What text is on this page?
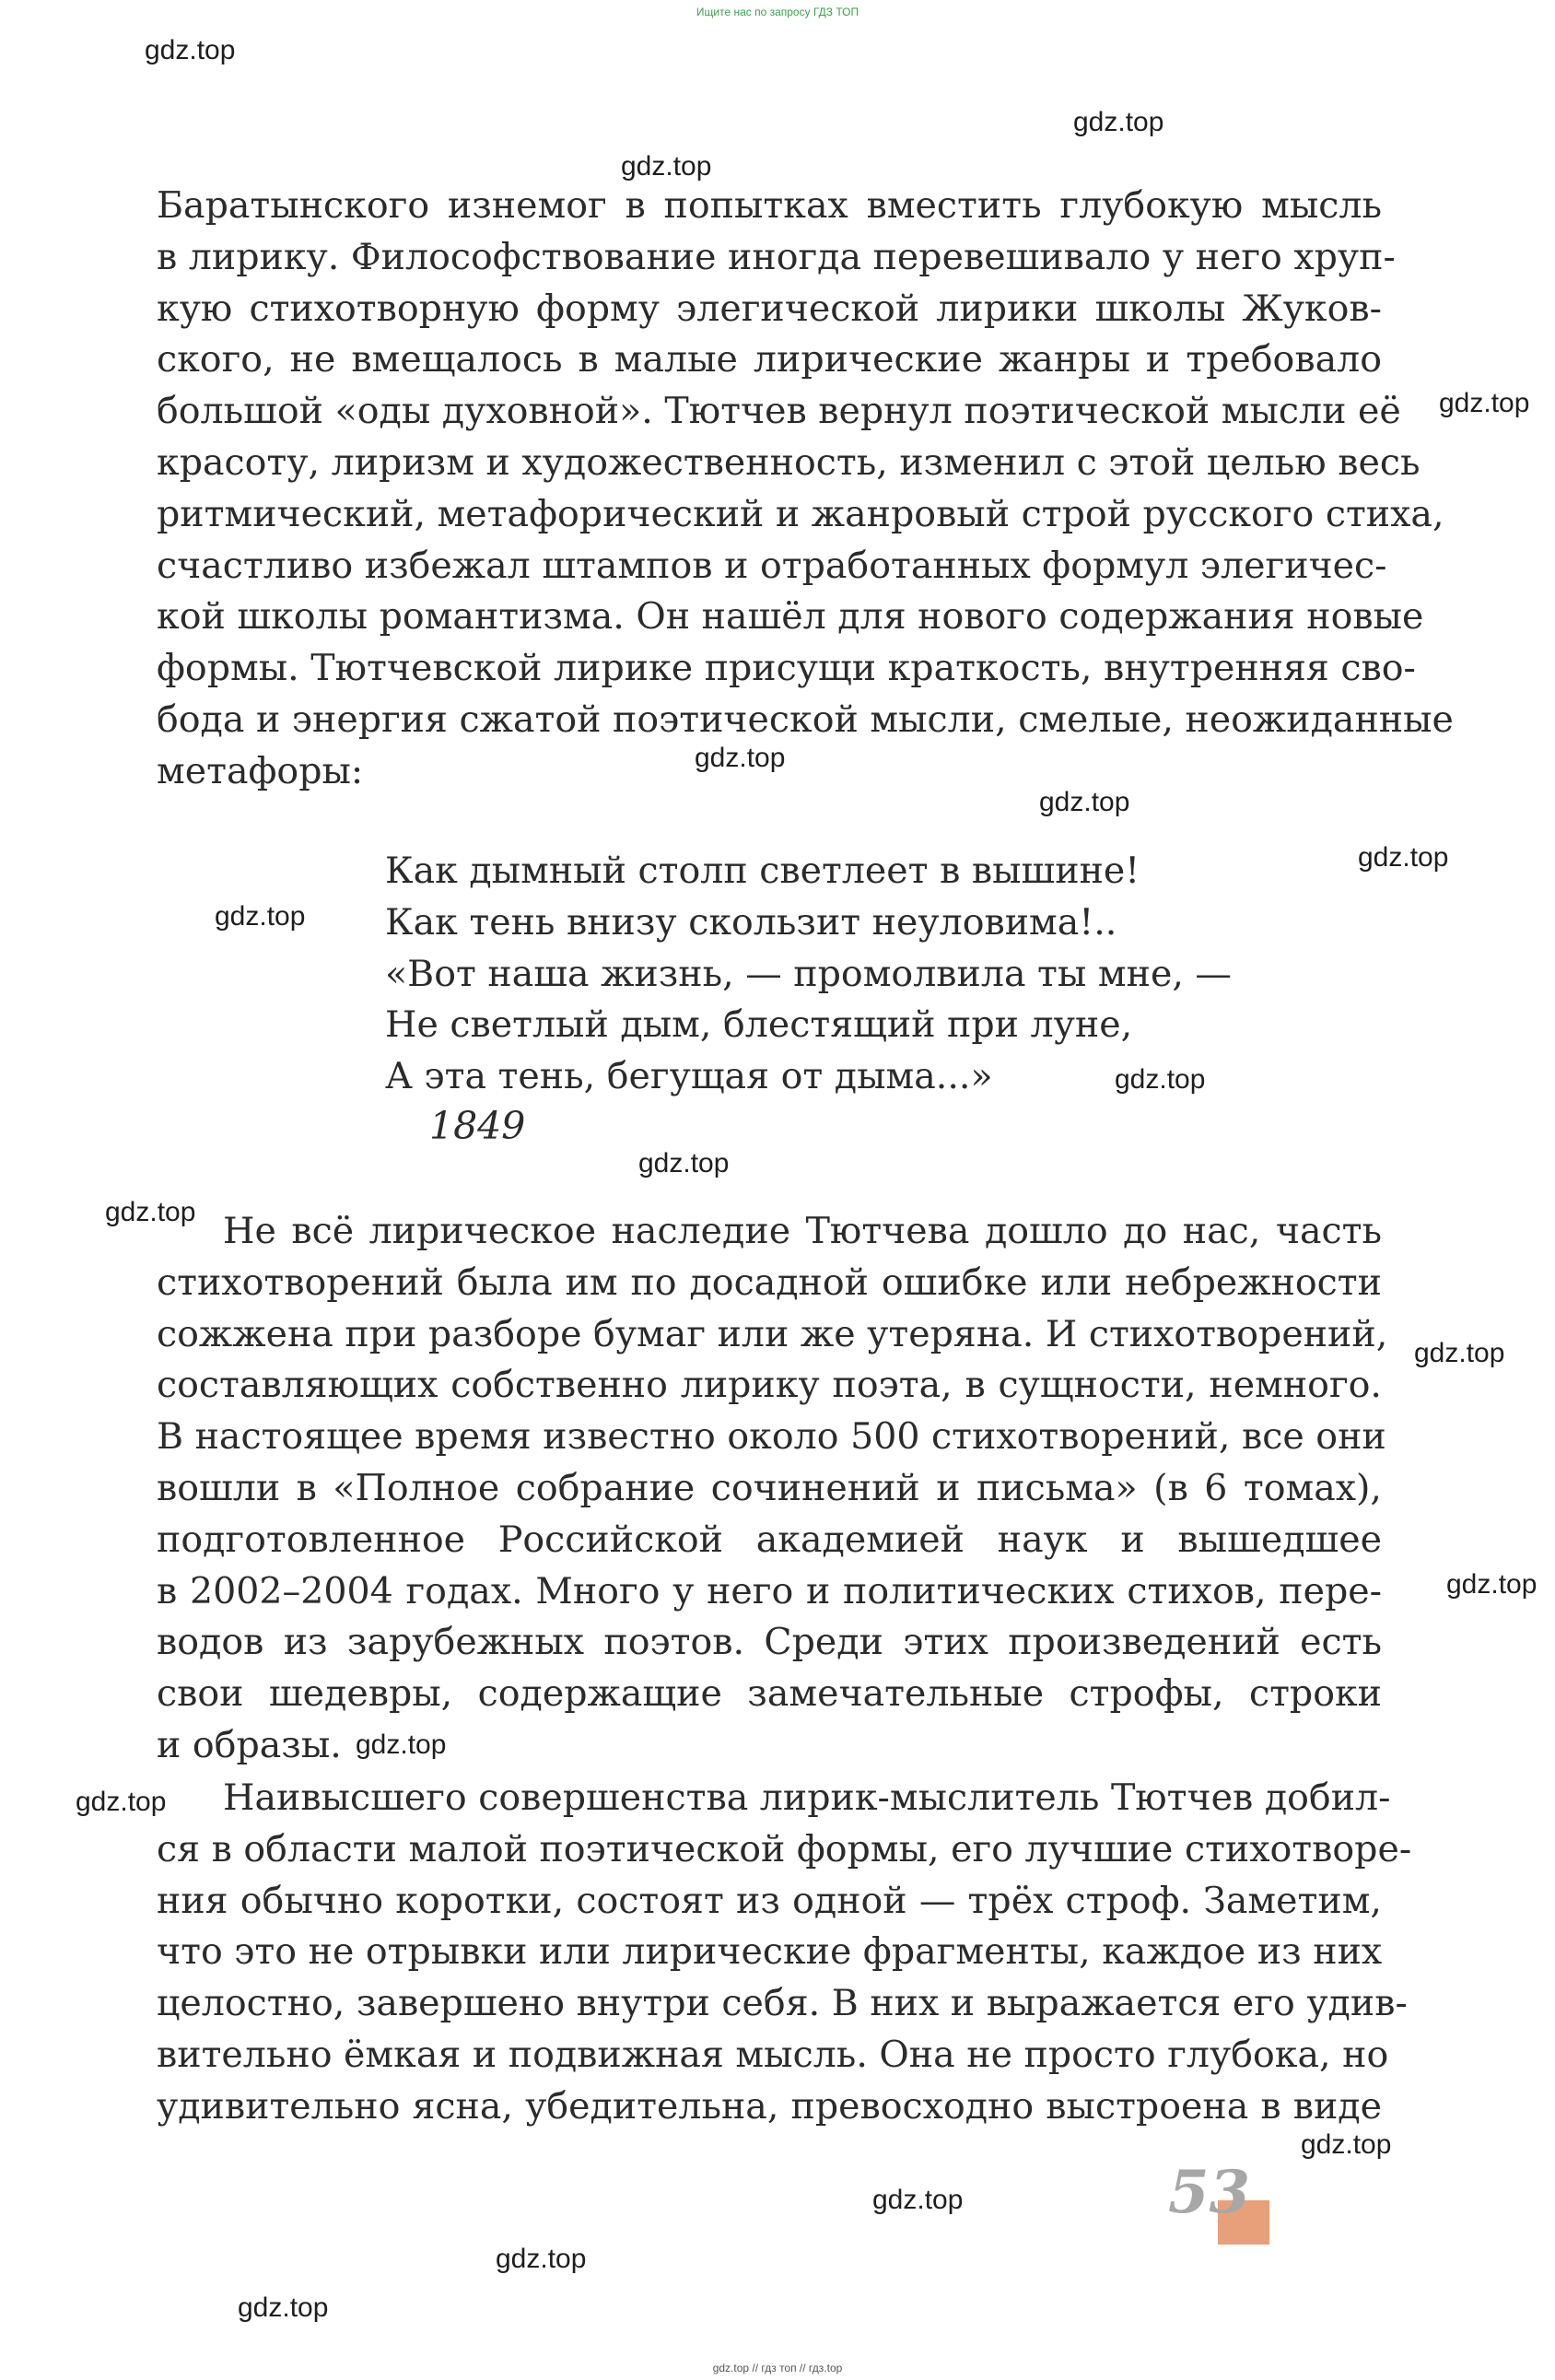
Ищите нас по запросу ГДЗ ТОП
Баратынского изнемог в попытках вместить глубокую мысль
в лирику. Философствование иногда перевешивало у него хруп-
кую стихотворную форму элегической лирики школы Жуков-
ского, не вмещалось в малые лирические жанры и требовало
большой «оды духовной». Тютчев вернул поэтической мысли её
красоту, лиризм и художественность, изменил с этой целью весь
ритмический, метафорический и жанровый строй русского стиха,
счастливо избежал штампов и отработанных формул элегичес-
кой школы романтизма. Он нашёл для нового содержания новые
формы. Тютчевской лирике присущи краткость, внутренняя сво-
бода и энергия сжатой поэтической мысли, смелые, неожиданные
метафоры:
Как дымный столп светлеет в вышине!
Как тень внизу скользит неуловима!..
«Вот наша жизнь, — промолвила ты мне, —
Не светлый дым, блестящий при луне,
А эта тень, бегущая от дыма...»
1849
Не всё лирическое наследие Тютчева дошло до нас, часть
стихотворений была им по досадной ошибке или небрежности
сожжена при разборе бумаг или же утеряна. И стихотворений,
составляющих собственно лирику поэта, в сущности, немного.
В настоящее время известно около 500 стихотворений, все они
вошли в «Полное собрание сочинений и письма» (в 6 томах),
подготовленное Российской академией наук и вышедшее
в 2002–2004 годах. Много у него и политических стихов, пере-
водов из зарубежных поэтов. Среди этих произведений есть
свои шедевры, содержащие замечательные строфы, строки
и образы.
Наивысшего совершенства лирик-мыслитель Тютчев добил-
ся в области малой поэтической формы, его лучшие стихотворе-
ния обычно коротки, состоят из одной — трёх строф. Заметим,
что это не отрывки или лирические фрагменты, каждое из них
целостно, завершено внутри себя. В них и выражается его удив-
вительно ёмкая и подвижная мысль. Она не просто глубока, но
удивительно ясна, убедительна, превосходно выстроена в виде
53
gdz.top
gdz.top
gdz.top
gdz.top
gdz.top
gdz.top
gdz.top
gdz.top
gdz.top
gdz.top
gdz.top
gdz.top
gdz.top
gdz.top
gdz.top
gdz.top
gdz.top
gdz.top
gdz.top
gdz.top // гдз топ // гдз.top
